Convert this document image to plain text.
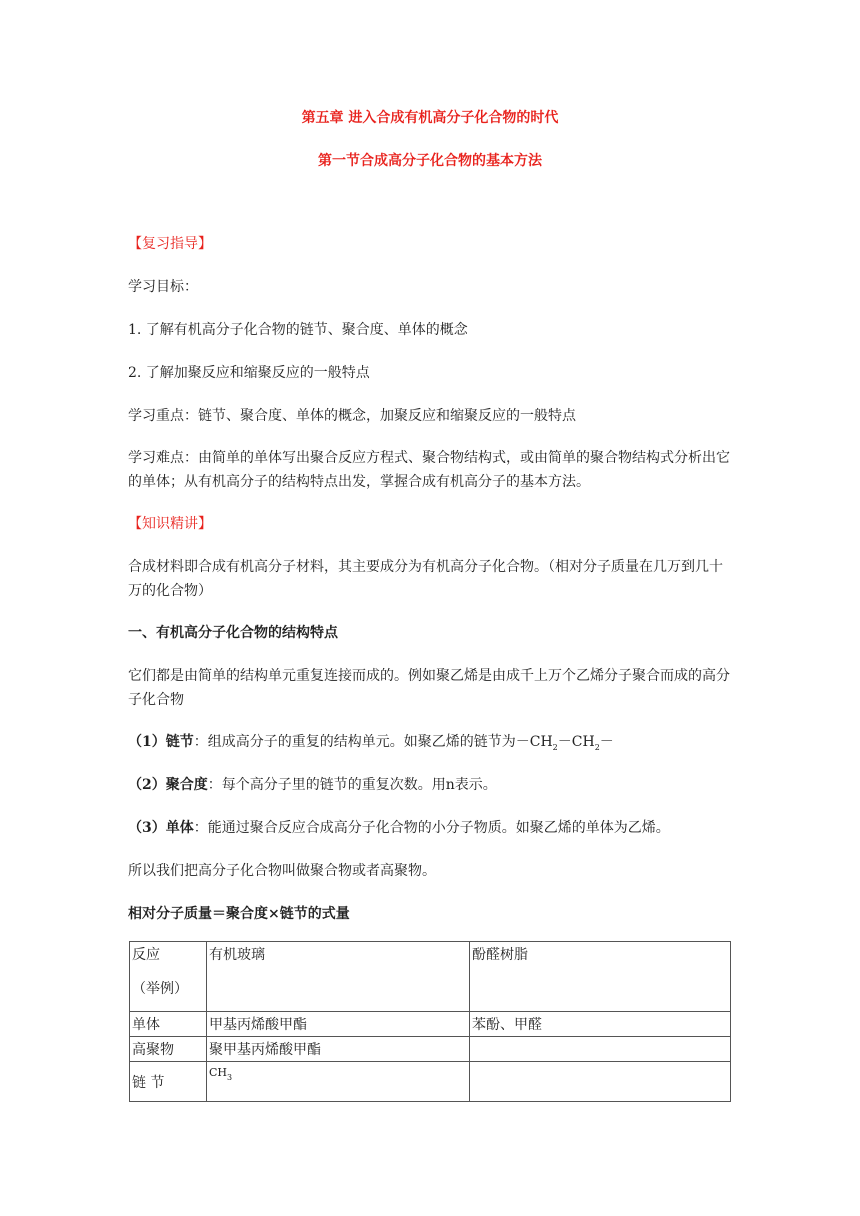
第五章 进入合成有机高分子化合物的时代

第一节合成高分子化合物的基本方法

【复习指导】

学习目标：

1. 了解有机高分子化合物的链节、聚合度、单体的概念

2. 了解加聚反应和缩聚反应的一般特点

学习重点：链节、聚合度、单体的概念，加聚反应和缩聚反应的一般特点

学习难点：由简单的单体写出聚合反应方程式、聚合物结构式，或由简单的聚合物结构式分析出它的单体；从有机高分子的结构特点出发，掌握合成有机高分子的基本方法。

【知识精讲】

合成材料即合成有机高分子材料，其主要成分为有机高分子化合物。（相对分子质量在几万到几十万的化合物）

一、有机高分子化合物的结构特点

它们都是由简单的结构单元重复连接而成的。例如聚乙烯是由成千上万个乙烯分子聚合而成的高分子化合物

（1）链节：组成高分子的重复的结构单元。如聚乙烯的链节为$-CH_2-CH_2-$

（2）聚合度：每个高分子里的链节的重复次数。用n表示。

（3）单体：能通过聚合反应合成高分子化合物的小分子物质。如聚乙烯的单体为乙烯。

所以我们把高分子化合物叫做聚合物或者高聚物。

相对分子质量＝聚合度×链节的式量

反应
（举例）	有机玻璃	酚醛树脂
单体	甲基丙烯酸甲酯	苯酚、甲醛
高聚物	聚甲基丙烯酸甲酯	
链 节	$CH_3$	
